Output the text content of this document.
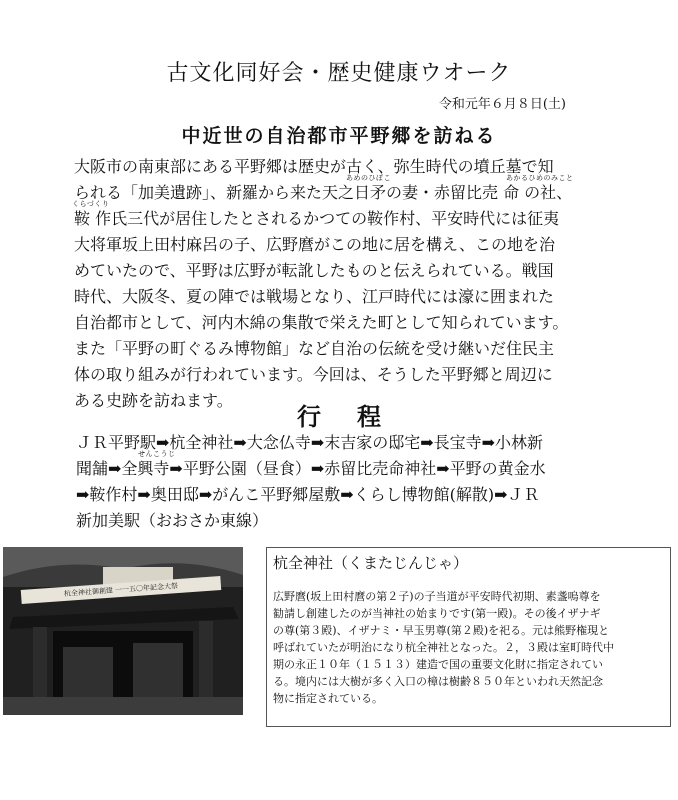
古文化同好会・歴史健康ウオーク
令和元年６月８日(土)
中近世の自治都市平野郷を訪ねる
大阪市の南東部にある平野郷は歴史が古く、弥生時代の墳丘墓で知
あめのひぼこ	あかるひめのみこと
られる「加美遺跡」、新羅から来た天之日矛の妻・赤留比売 命 の社、
くらづくり
鞍 作氏三代が居住したとされるかつての鞍作村、平安時代には征夷
大将軍坂上田村麻呂の子、広野麿がこの地に居を構え、この地を治
めていたので、平野は広野が転訛したものと伝えられている。戦国
時代、大阪冬、夏の陣では戦場となり、江戸時代には濠に囲まれた
自治都市として、河内木綿の集散で栄えた町として知られています。
また「平野の町ぐるみ博物館」など自治の伝統を受け継いだ住民主
体の取り組みが行われています。今回は、そうした平野郷と周辺に
ある史跡を訪ねます。
行程
ＪＲ平野駅➡杭全神社➡大念仏寺➡末吉家の邸宅➡長宝寺➡小林新
せんこうじ
聞舗➡全興寺➡平野公園（昼食）➡赤留比売命神社➡平野の黄金水
➡鞍作村➡奥田邸➡がんこ平野郷屋敷➡くらし博物館(解散)➡ＪＲ
新加美駅（おおさか東線）
杭全神社御創建 一一五〇年記念大祭
杭全神社（くまたじんじゃ）
広野麿(坂上田村麿の第２子)の子当道が平安時代初期、素盞嗚尊を
勧請し創建したのが当神社の始まりです(第一殿)。その後イザナギ
の尊(第３殿)、イザナミ・早玉男尊(第２殿)を祀る。元は熊野権現と
呼ばれていたが明治になり杭全神社となった。２，３殿は室町時代中
期の永正１０年（１５１３）建造で国の重要文化財に指定されてい
る。境内には大樹が多く入口の樟は樹齢８５０年といわれ天然記念
物に指定されている。
